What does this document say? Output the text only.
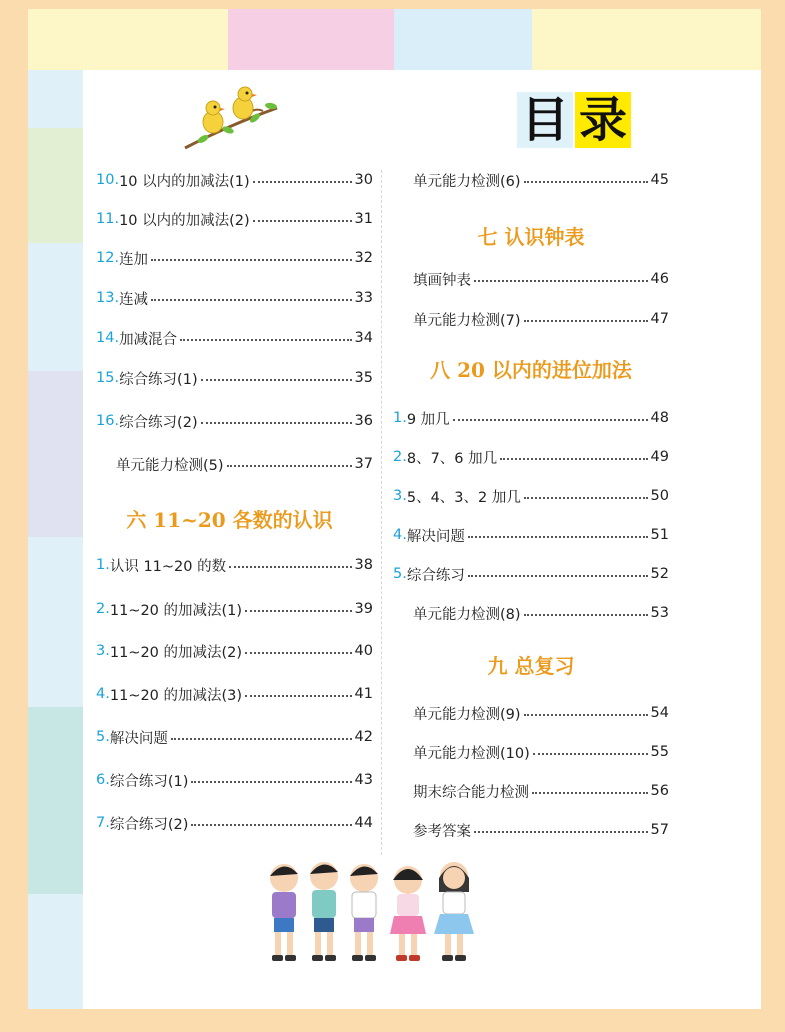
目 录
10. 10 以内的加减法(1)	30
11. 10 以内的加减法(2)	31
12. 连加	32
13. 连减	33
14. 加减混合	34
15. 综合练习(1)	35
16. 综合练习(2)	36
单元能力检测(5)	37
六 11~20 各数的认识
1. 认识 11~20 的数	38
2. 11~20 的加减法(1)	39
3. 11~20 的加减法(2)	40
4. 11~20 的加减法(3)	41
5. 解决问题	42
6. 综合练习(1)	43
7. 综合练习(2)	44
单元能力检测(6)	45
七 认识钟表
填画钟表	46
单元能力检测(7)	47
八 20 以内的进位加法
1. 9 加几	48
2. 8、7、6 加几	49
3. 5、4、3、2 加几	50
4. 解决问题	51
5. 综合练习	52
单元能力检测(8)	53
九 总复习
单元能力检测(9)	54
单元能力检测(10)	55
期末综合能力检测	56
参考答案	57
